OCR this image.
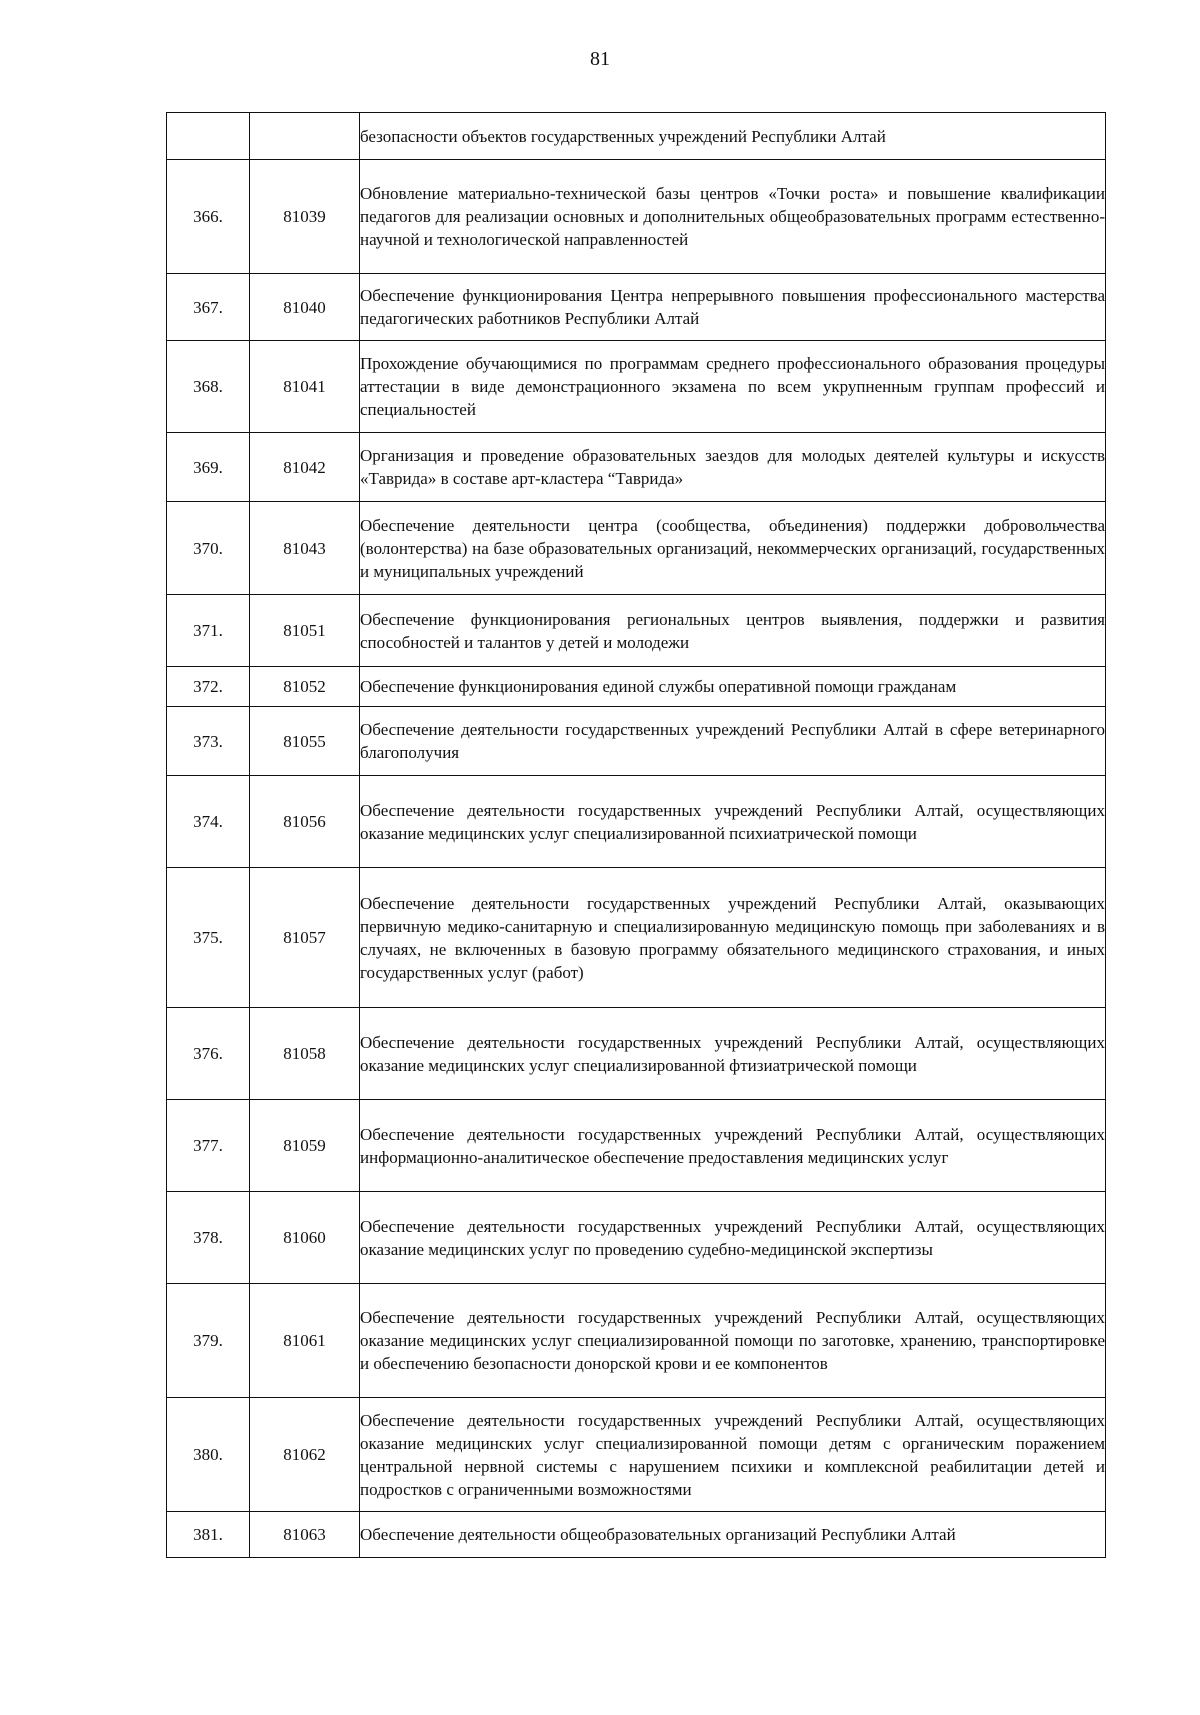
81
		безопасности объектов государственных учреждений Республики Алтай
366.	81039	Обновление материально-технической базы центров «Точки роста» и повышение квалификации педагогов для реализации основных и дополнительных общеобразовательных программ естественно-научной и технологической направленностей
367.	81040	Обеспечение функционирования Центра непрерывного повышения профессионального мастерства педагогических работников Республики Алтай
368.	81041	Прохождение обучающимися по программам среднего профессионального образования процедуры аттестации в виде демонстрационного экзамена по всем укрупненным группам профессий и специальностей
369.	81042	Организация и проведение образовательных заездов для молодых деятелей культуры и искусств «Таврида» в составе арт-кластера “Таврида»
370.	81043	Обеспечение деятельности центра (сообщества, объединения) поддержки добровольчества (волонтерства) на базе образовательных организаций, некоммерческих организаций, государственных и муниципальных учреждений
371.	81051	Обеспечение функционирования региональных центров выявления, поддержки и развития способностей и талантов у детей и молодежи
372.	81052	Обеспечение функционирования единой службы оперативной помощи гражданам
373.	81055	Обеспечение деятельности государственных учреждений Республики Алтай в сфере ветеринарного благополучия
374.	81056	Обеспечение деятельности государственных учреждений Республики Алтай, осуществляющих оказание медицинских услуг специализированной психиатрической помощи
375.	81057	Обеспечение деятельности государственных учреждений Республики Алтай, оказывающих первичную медико-санитарную и специализированную медицинскую помощь при заболеваниях и в случаях, не включенных в базовую программу обязательного медицинского страхования, и иных государственных услуг (работ)
376.	81058	Обеспечение деятельности государственных учреждений Республики Алтай, осуществляющих оказание медицинских услуг специализированной фтизиатрической помощи
377.	81059	Обеспечение деятельности государственных учреждений Республики Алтай, осуществляющих информационно-аналитическое обеспечение предоставления медицинских услуг
378.	81060	Обеспечение деятельности государственных учреждений Республики Алтай, осуществляющих оказание медицинских услуг по проведению судебно-медицинской экспертизы
379.	81061	Обеспечение деятельности государственных учреждений Республики Алтай, осуществляющих оказание медицинских услуг специализированной помощи по заготовке, хранению, транспортировке и обеспечению безопасности донорской крови и ее компонентов
380.	81062	Обеспечение деятельности государственных учреждений Республики Алтай, осуществляющих оказание медицинских услуг специализированной помощи детям с органическим поражением центральной нервной системы с нарушением психики и комплексной реабилитации детей и подростков с ограниченными возможностями
381.	81063	Обеспечение деятельности общеобразовательных организаций Республики Алтай
